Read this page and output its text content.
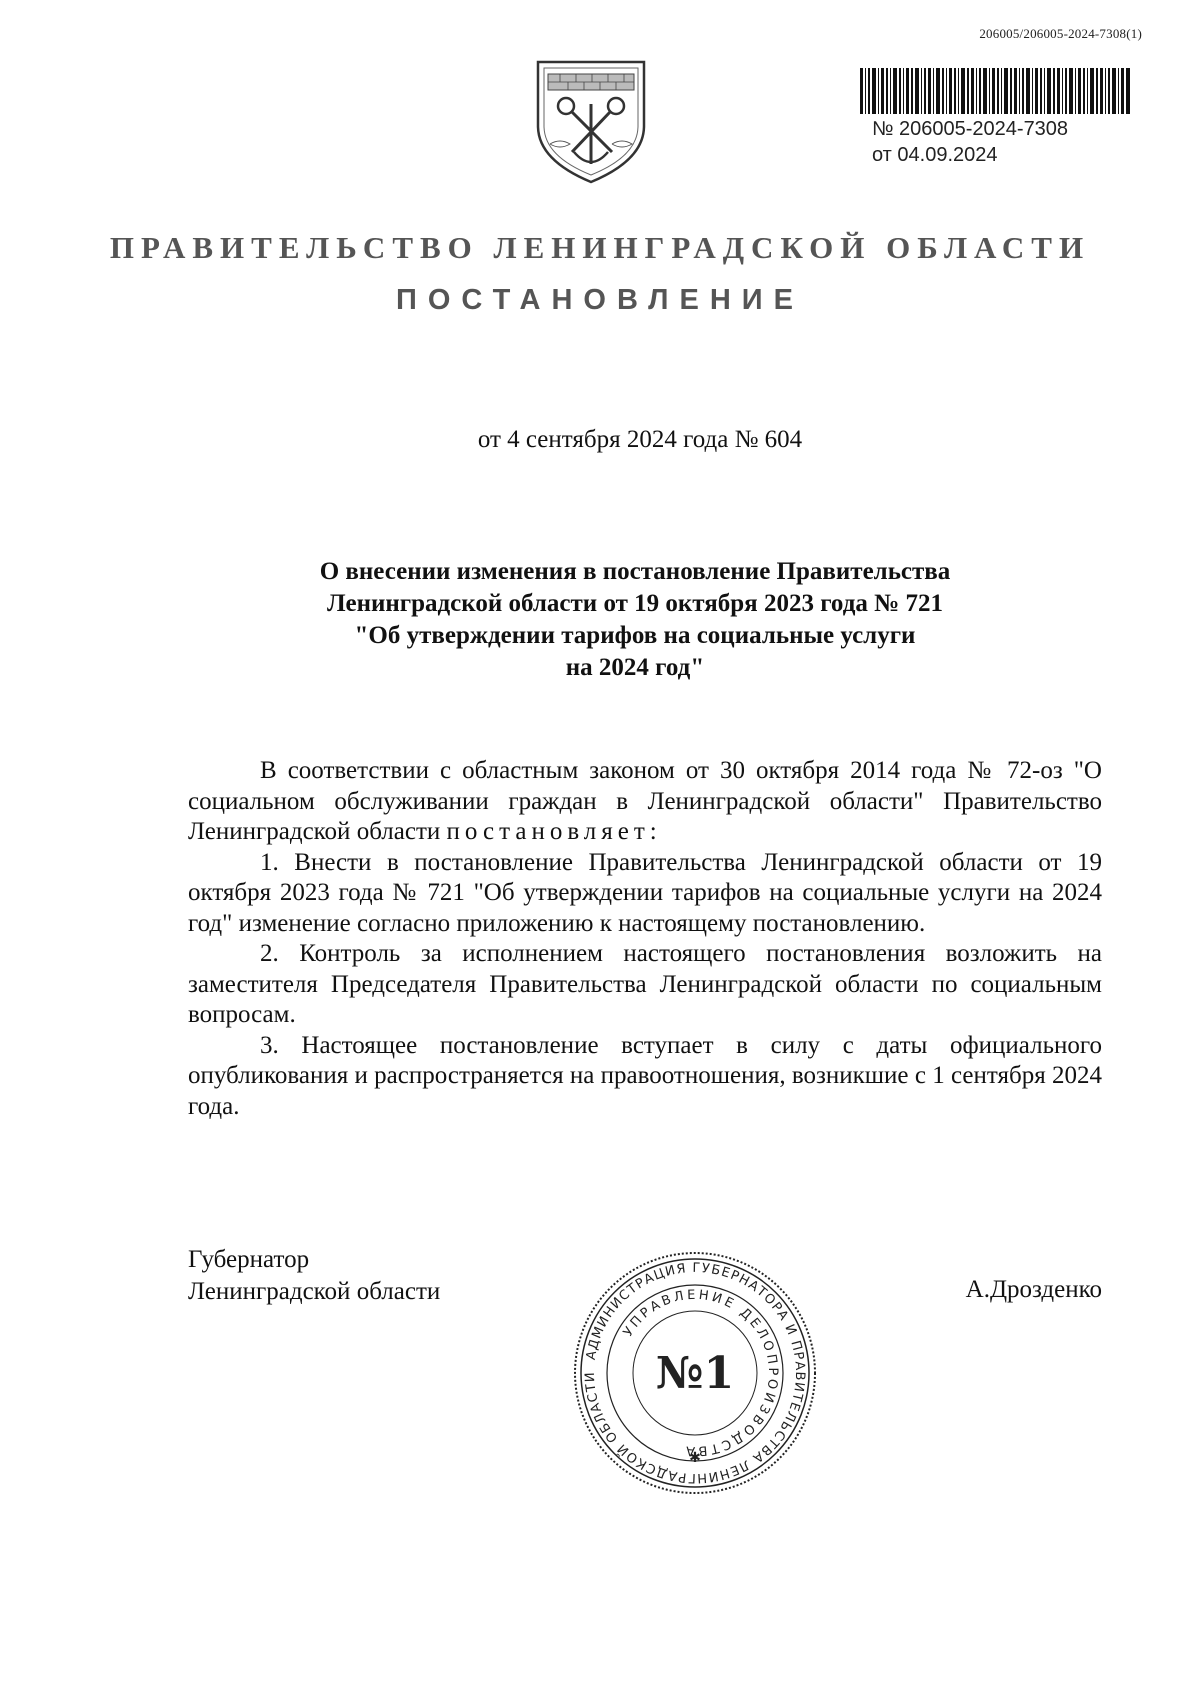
206005/206005-2024-7308(1)
№ 206005-2024-7308
от 04.09.2024
ПРАВИТЕЛЬСТВО ЛЕНИНГРАДСКОЙ ОБЛАСТИ
ПОСТАНОВЛЕНИЕ
от 4 сентября 2024 года № 604
О внесении изменения в постановление Правительства
Ленинградской области от 19 октября 2023 года № 721
"Об утверждении тарифов на социальные услуги
на 2024 год"

В соответствии с областным законом от 30 октября 2014 года № 72-оз "О социальном обслуживании граждан в Ленинградской области" Правительство Ленинградской области постановляет:

1. Внести в постановление Правительства Ленинградской области от 19 октября 2023 года № 721 "Об утверждении тарифов на социальные услуги на 2024 год" изменение согласно приложению к настоящему постановлению.

2. Контроль за исполнением настоящего постановления возложить на заместителя Председателя Правительства Ленинградской области по социальным вопросам.

3. Настоящее постановление вступает в силу с даты официального опубликования и распространяется на правоотношения, возникшие с 1 сентября 2024 года.

Губернатор
Ленинградской области	А.Дрозденко
АДМИНИСТРАЦИЯ ГУБЕРНАТОРА И ПРАВИТЕЛЬСТВА ЛЕНИНГРАДСКОЙ ОБЛАСТИ
УПРАВЛЕНИЕ ДЕЛОПРОИЗВОДСТВА
№1
✱
